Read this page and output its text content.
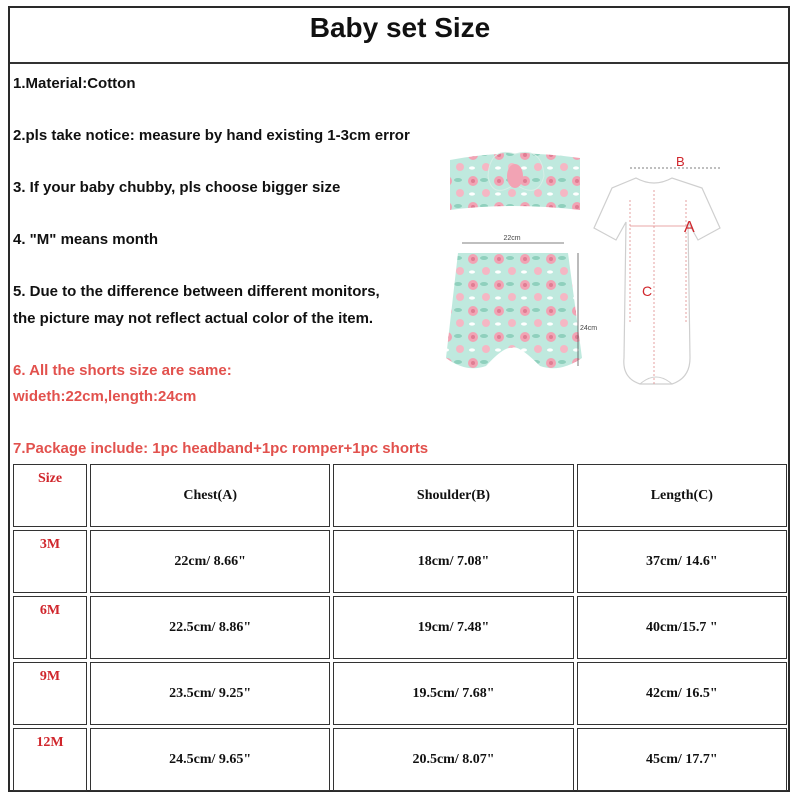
Baby set Size
1.Material:Cotton
2.pls take notice: measure by hand existing 1-3cm error
3. If your baby chubby, pls choose bigger size
4. "M" means month
5. Due to the difference between different monitors,
the picture may not reflect actual color of the item.
6. All the shorts size are same:
wideth:22cm,length:24cm
7.Package include: 1pc headband+1pc romper+1pc shorts
22cm
24cm
B
A
C
Size	Chest(A)	Shoulder(B)	Length(C)
3M	22cm/ 8.66"	18cm/ 7.08"	37cm/ 14.6"
6M	22.5cm/ 8.86"	19cm/ 7.48"	40cm/15.7 "
9M	23.5cm/ 9.25"	19.5cm/ 7.68"	42cm/ 16.5"
12M	24.5cm/ 9.65"	20.5cm/ 8.07"	45cm/ 17.7"
